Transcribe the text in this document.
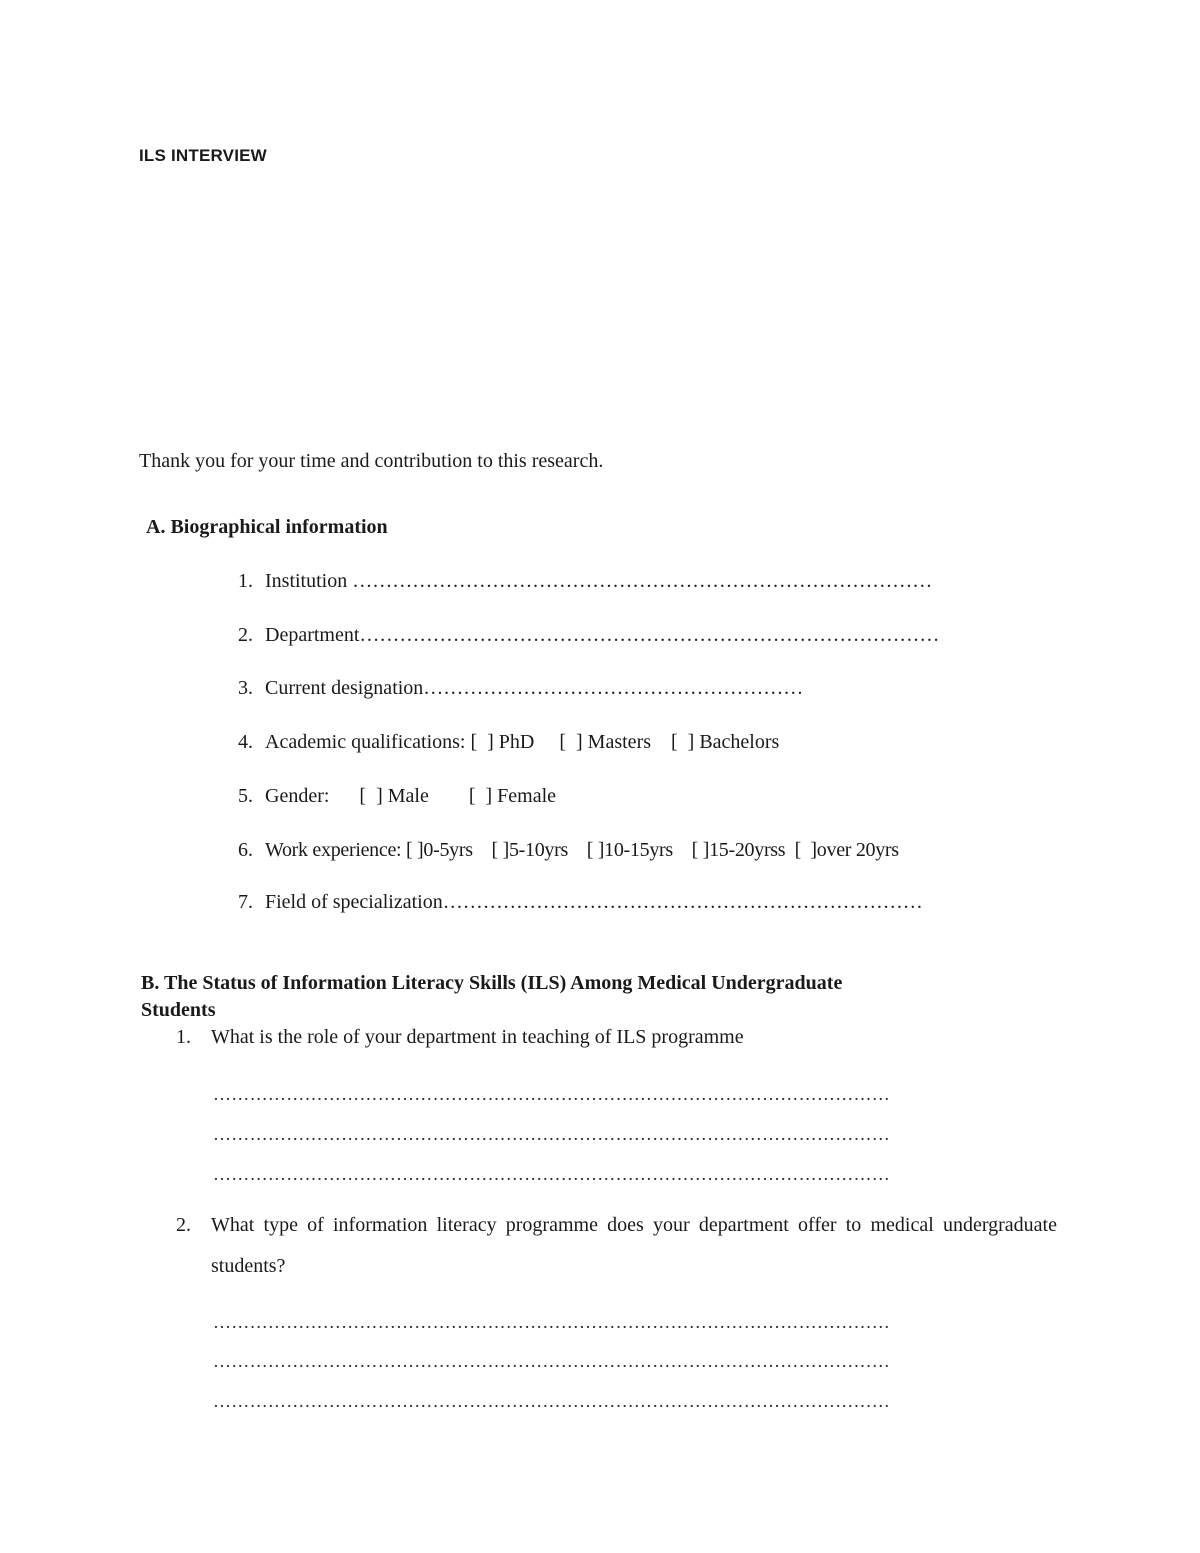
ILS INTERVIEW
Thank you for your time and contribution to this research.
A. Biographical information
1. Institution ……………………………………………………………………………
2. Department……………………………………………………………………………
3. Current designation…………………………………………………
4. Academic qualifications: [  ] PhD     [  ] Masters    [  ] Bachelors
5. Gender:      [  ] Male        [  ] Female
6. Work experience: [ ]0-5yrs    [ ]5-10yrs    [ ]10-15yrs    [ ]15-20yrss  [  ]over 20yrs
7. Field of specialization………………………………………………………………
B. The Status of Information Literacy Skills (ILS) Among Medical Undergraduate
Students
1. What is the role of your department in teaching of ILS programme
…………………………………………………………………………………………………
…………………………………………………………………………………………………
…………………………………………………………………………………………………
2. What type of information literacy programme does your department offer to medical undergraduate students?
…………………………………………………………………………………………………
…………………………………………………………………………………………………
…………………………………………………………………………………………………
